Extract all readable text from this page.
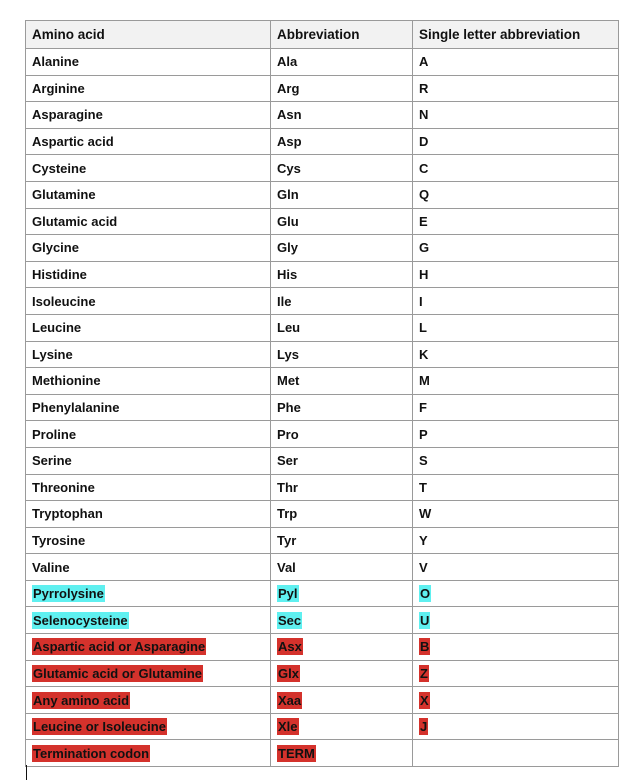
Amino acid	Abbreviation	Single letter abbreviation
Alanine	Ala	A
Arginine	Arg	R
Asparagine	Asn	N
Aspartic acid	Asp	D
Cysteine	Cys	C
Glutamine	Gln	Q
Glutamic acid	Glu	E
Glycine	Gly	G
Histidine	His	H
Isoleucine	Ile	I
Leucine	Leu	L
Lysine	Lys	K
Methionine	Met	M
Phenylalanine	Phe	F
Proline	Pro	P
Serine	Ser	S
Threonine	Thr	T
Tryptophan	Trp	W
Tyrosine	Tyr	Y
Valine	Val	V
Pyrrolysine	Pyl	O
Selenocysteine	Sec	U
Aspartic acid or Asparagine	Asx	B
Glutamic acid or Glutamine	Glx	Z
Any amino acid	Xaa	X
Leucine or Isoleucine	Xle	J
Termination codon	TERM	
